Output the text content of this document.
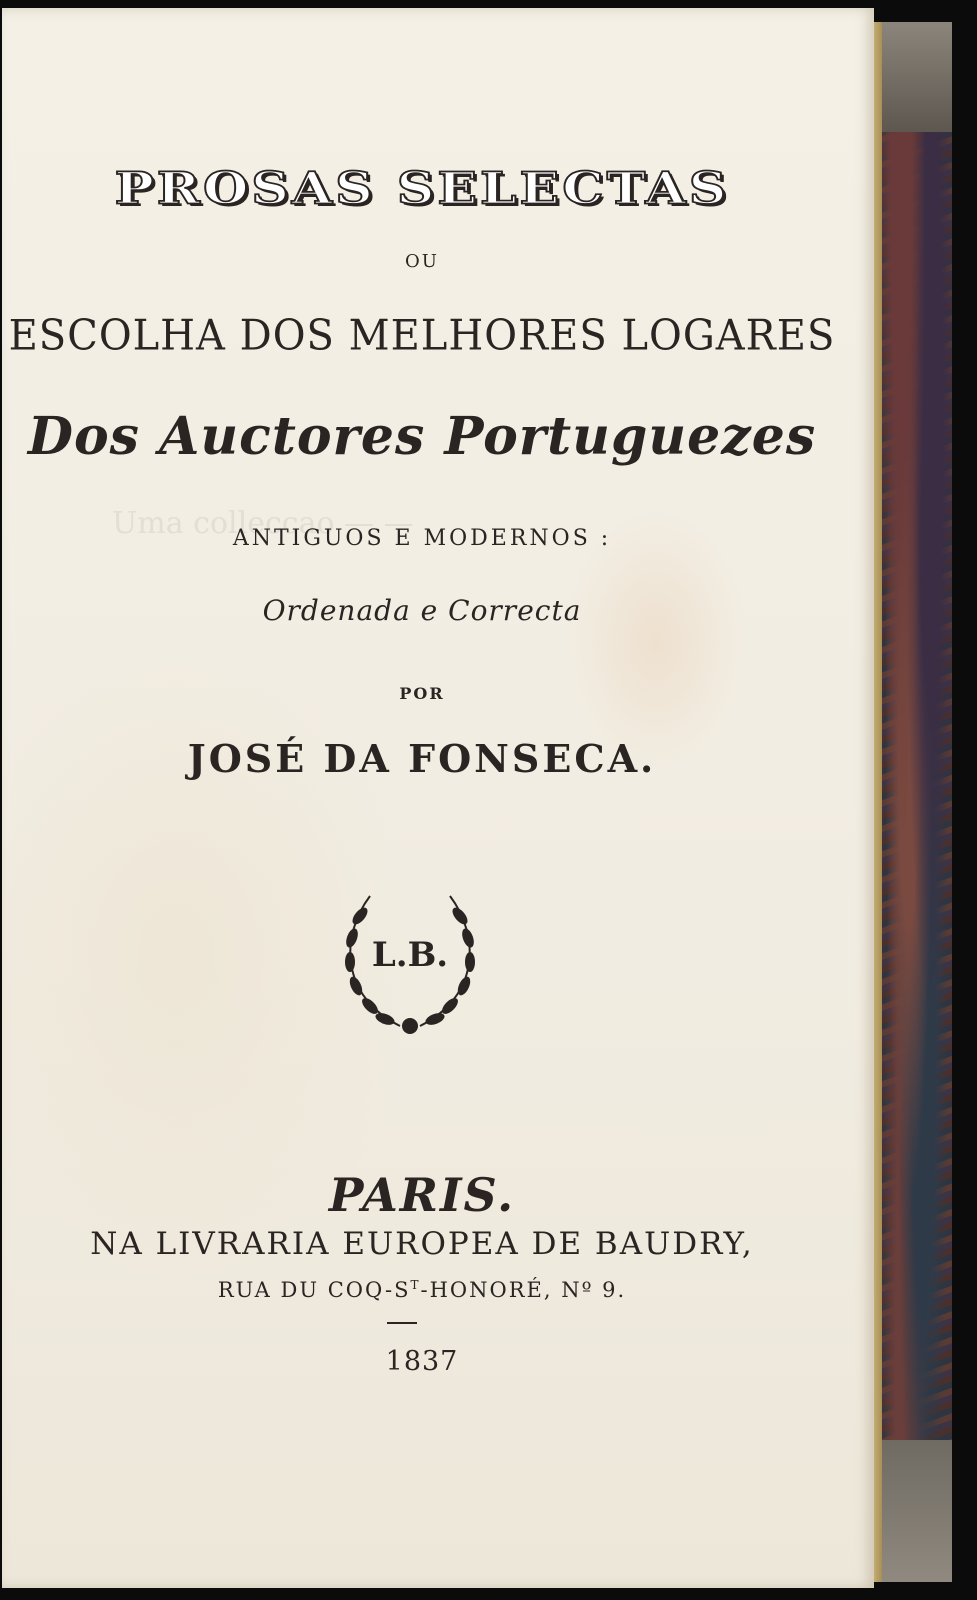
Uma colleccao — —
PROSAS SELECTAS
OU
ESCOLHA DOS MELHORES LOGARES
Dos Auctores Portuguezes
ANTIGUOS E MODERNOS :
Ordenada e Correcta
POR
JOSÉ DA FONSECA.
L.B.
PARIS.
NA LIVRARIA EUROPEA DE BAUDRY,
RUA DU COQ-$S^T$-HONORÉ, Nº 9.
1837
